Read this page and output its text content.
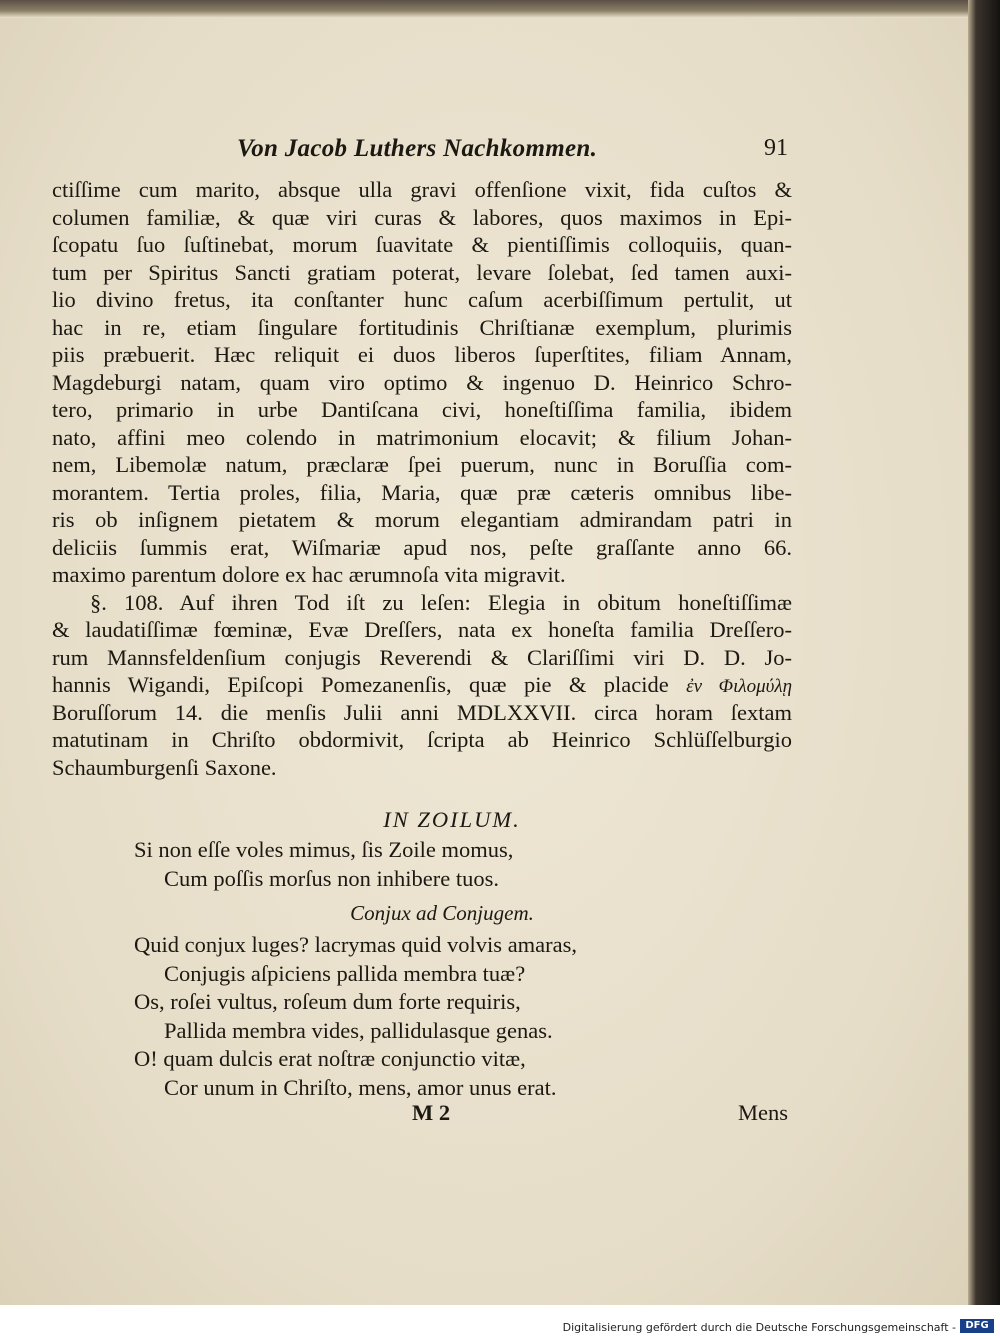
Von Jacob Luthers Nachkommen.	91
ctiſſime cum marito, absque ulla gravi offenſione vixit, fida cuſtos &
columen familiæ, & quæ viri curas & labores, quos maximos in Epi-
ſcopatu ſuo ſuſtinebat, morum ſuavitate & pientiſſimis colloquiis, quan-
tum per Spiritus Sancti gratiam poterat, levare ſolebat, ſed tamen auxi-
lio divino fretus, ita conſtanter hunc caſum acerbiſſimum pertulit, ut
hac in re, etiam ſingulare fortitudinis Chriſtianæ exemplum, plurimis
piis præbuerit. Hæc reliquit ei duos liberos ſuperſtites, filiam Annam,
Magdeburgi natam, quam viro optimo & ingenuo D. Heinrico Schro-
tero, primario in urbe Dantiſcana civi, honeſtiſſima familia, ibidem
nato, affini meo colendo in matrimonium elocavit; & filium Johan-
nem, Libemolæ natum, præclaræ ſpei puerum, nunc in Boruſſia com-
morantem. Tertia proles, filia, Maria, quæ præ cæteris omnibus libe-
ris ob inſignem pietatem & morum elegantiam admirandam patri in
deliciis ſummis erat, Wiſmariæ apud nos, peſte graſſante anno 66.
maximo parentum dolore ex hac ærumnoſa vita migravit.
§. 108. Auf ihren Tod iſt zu leſen: Elegia in obitum honeſtiſſimæ
& laudatiſſimæ fœminæ, Evæ Dreſſers, nata ex honeſta familia Dreſſero-
rum Mannsfeldenſium conjugis Reverendi & Clariſſimi viri D. D. Jo-
hannis Wigandi, Epiſcopi Pomezanenſis, quæ pie & placide ἐν Φιλομύλῃ
Boruſſorum 14. die menſis Julii anni MDLXXVII. circa horam ſextam
matutinam in Chriſto obdormivit, ſcripta ab Heinrico Schlüſſelburgio
Schaumburgenſi Saxone.
IN ZOILUM.
Si non eſſe voles mimus, ſis Zoile momus,
Cum poſſis morſus non inhibere tuos.
Conjux ad Conjugem.
Quid conjux luges? lacrymas quid volvis amaras,
Conjugis aſpiciens pallida membra tuæ?
Os, roſei vultus, roſeum dum forte requiris,
Pallida membra vides, pallidulasque genas.
O! quam dulcis erat noſtræ conjunctio vitæ,
Cor unum in Chriſto, mens, amor unus erat.
M 2	Mens
Digitalisierung gefördert durch die Deutsche Forschungsgemeinschaft - DFG
